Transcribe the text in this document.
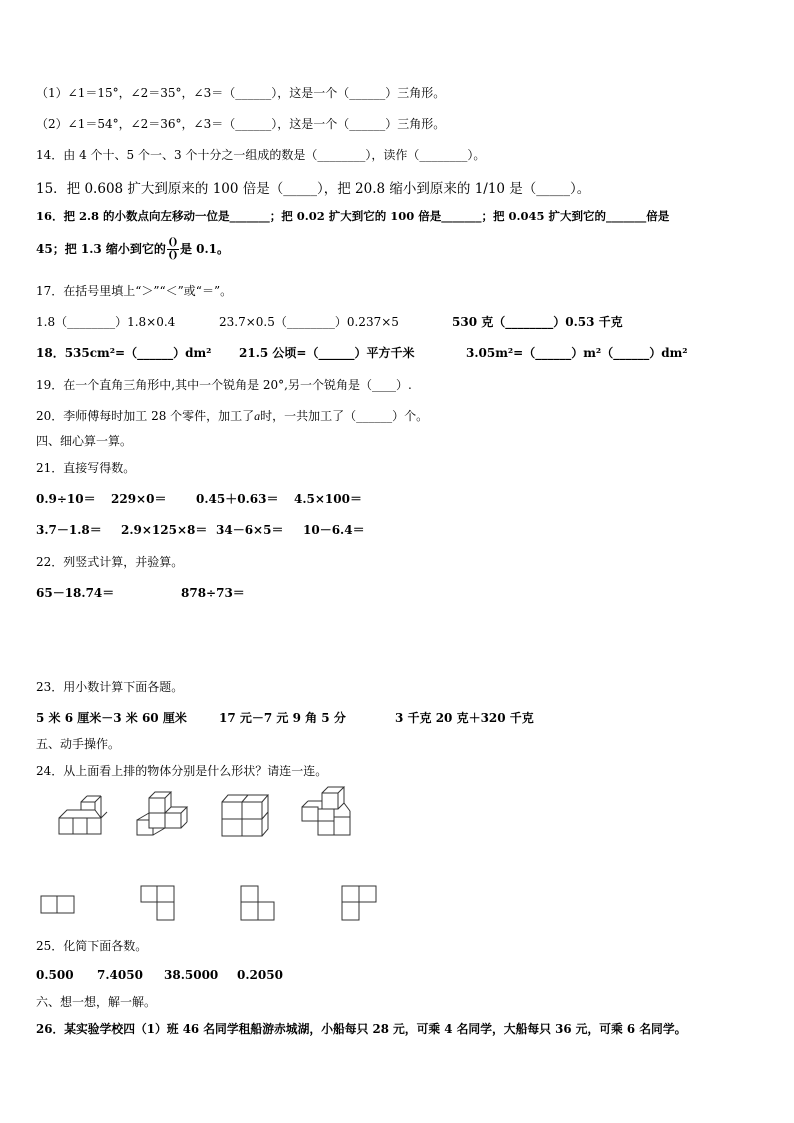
（1）∠1＝15°，∠2＝35°，∠3＝（______），这是一个（______）三角形。
（2）∠1＝54°，∠2＝36°，∠3＝（______），这是一个（______）三角形。
14．由 4 个十、5 个一、3 个十分之一组成的数是（________），读作（________）。
15．把 0.608 扩大到原来的 100 倍是（_____），把 20.8 缩小到原来的 1/10 是（_____）。
16．把 2.8 的小数点向左移动一位是_______；把 0.02 扩大到它的 100 倍是_______；把 0.045 扩大到它的_______倍是
45；把 1.3 缩小到它的 $\frac{()}{()}$ 是 0.1。
17．在括号里填上“＞”“＜”或“＝”。
1.8（________）1.8×0.4	23.7×0.5（________）0.237×5	530 克（________）0.53 千克
18．535cm²=（______）dm² 21.5 公顷=（______）平方千米	3.05m²=（______）m²（______）dm²
19．在一个直角三角形中,其中一个锐角是 20°,另一个锐角是（____）.
20．李师傅每时加工 28 个零件，加工了a时，一共加工了（______）个。
四、细心算一算。
21．直接写得数。
0.9÷10＝ 229×0＝ 0.45＋0.63＝ 4.5×100＝
3.7－1.8＝ 2.9×125×8＝ 34－6×5＝ 10－6.4＝
22．列竖式计算，并验算。
65－18.74＝	878÷73＝
23．用小数计算下面各题。
5 米 6 厘米－3 米 60 厘米	17 元－7 元 9 角 5 分	3 千克 20 克＋320 千克
五、动手操作。
24．从上面看上排的物体分别是什么形状？请连一连。
25．化简下面各数。
0.500 7.4050 38.5000 0.2050
六、想一想，解一解。
26．某实验学校四（1）班 46 名同学租船游赤城湖，小船每只 28 元，可乘 4 名同学，大船每只 36 元，可乘 6 名同学。
